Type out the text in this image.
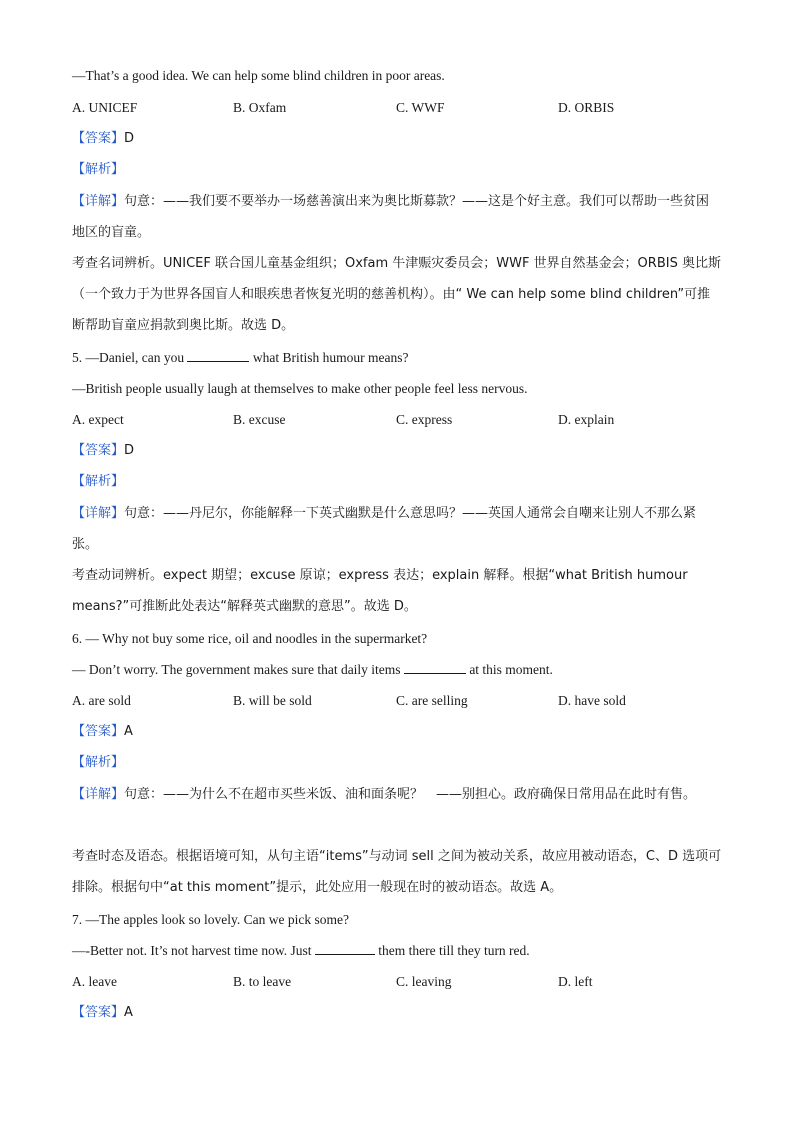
—That’s a good idea. We can help some blind children in poor areas.
A. UNICEF	B. Oxfam	C. WWF	D. ORBIS
【答案】D
【解析】
【详解】句意：——我们要不要举办一场慈善演出来为奥比斯募款？——这是个好主意。我们可以帮助一些贫困地区的盲童。
考查名词辨析。UNICEF 联合国儿童基金组织；Oxfam 牛津赈灾委员会；WWF 世界自然基金会；ORBIS 奥比斯（一个致力于为世界各国盲人和眼疾患者恢复光明的慈善机构）。由“ We can help some blind children”可推断帮助盲童应捐款到奥比斯。故选 D。
5. —Daniel, can you	what British humour means?
—British people usually laugh at themselves to make other people feel less nervous.
A. expect	B. excuse	C. express	D. explain
【答案】D
【解析】
【详解】句意：——丹尼尔，你能解释一下英式幽默是什么意思吗？——英国人通常会自嘲来让别人不那么紧张。
考查动词辨析。expect 期望；excuse 原谅；express 表达；explain 解释。根据“what British humour means?”可推断此处表达“解释英式幽默的意思”。故选 D。
6. — Why not buy some rice, oil and noodles in the supermarket?
— Don’t worry. The government makes sure that daily items	at this moment.
A. are sold	B. will be sold	C. are selling	D. have sold
【答案】A
【解析】
【详解】句意：——为什么不在超市买些米饭、油和面条呢？　——别担心。政府确保日常用品在此时有售。
考查时态及语态。根据语境可知，从句主语“items”与动词 sell 之间为被动关系，故应用被动语态，C、D 选项可排除。根据句中“at this moment”提示，此处应用一般现在时的被动语态。故选 A。
7. —The apples look so lovely. Can we pick some?
—-Better not. It’s not harvest time now. Just	them there till they turn red.
A. leave	B. to leave	C. leaving	D. left
【答案】A
